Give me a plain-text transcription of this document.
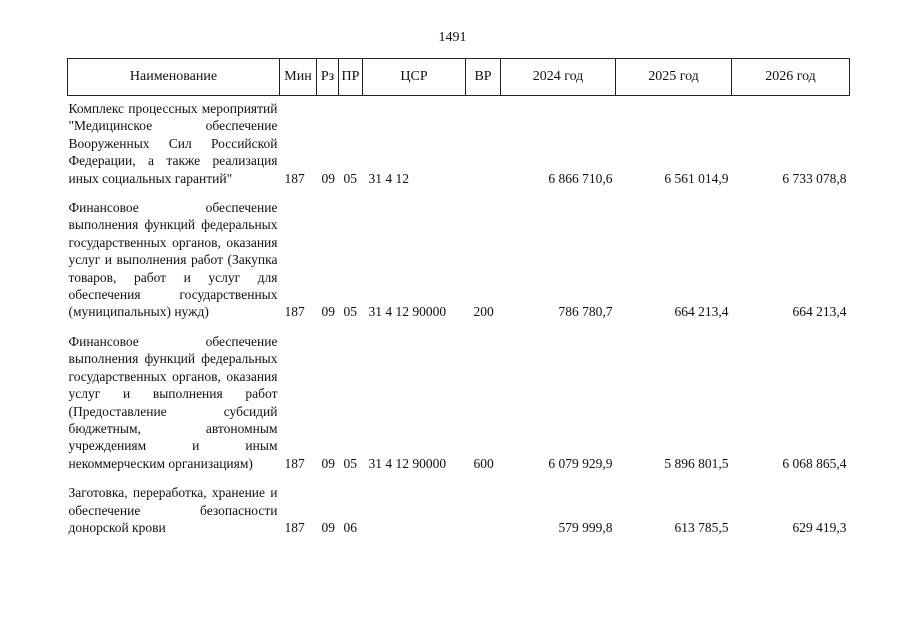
1491
Наименование	Мин	Рз	ПР	ЦСР	ВР	2024 год	2025 год	2026 год
Комплекс процессных мероприятий "Медицинское обеспечение Вооруженных Сил Российской Федерации, а также реализация иных социальных гарантий"	187	09	05	31 4 12		6 866 710,6	6 561 014,9	6 733 078,8

Финансовое обеспечение выполнения функций федеральных государственных органов, оказания услуг и выполнения работ (Закупка товаров, работ и услуг для обеспечения государственных (муниципальных) нужд)	187	09	05	31 4 12 90000	200	786 780,7	664 213,4	664 213,4

Финансовое обеспечение выполнения функций федеральных государственных органов, оказания услуг и выполнения работ (Предоставление субсидий бюджетным, автономным учреждениям и иным некоммерческим организациям)	187	09	05	31 4 12 90000	600	6 079 929,9	5 896 801,5	6 068 865,4

Заготовка, переработка, хранение и обеспечение безопасности донорской крови	187	09	06			579 999,8	613 785,5	629 419,3
